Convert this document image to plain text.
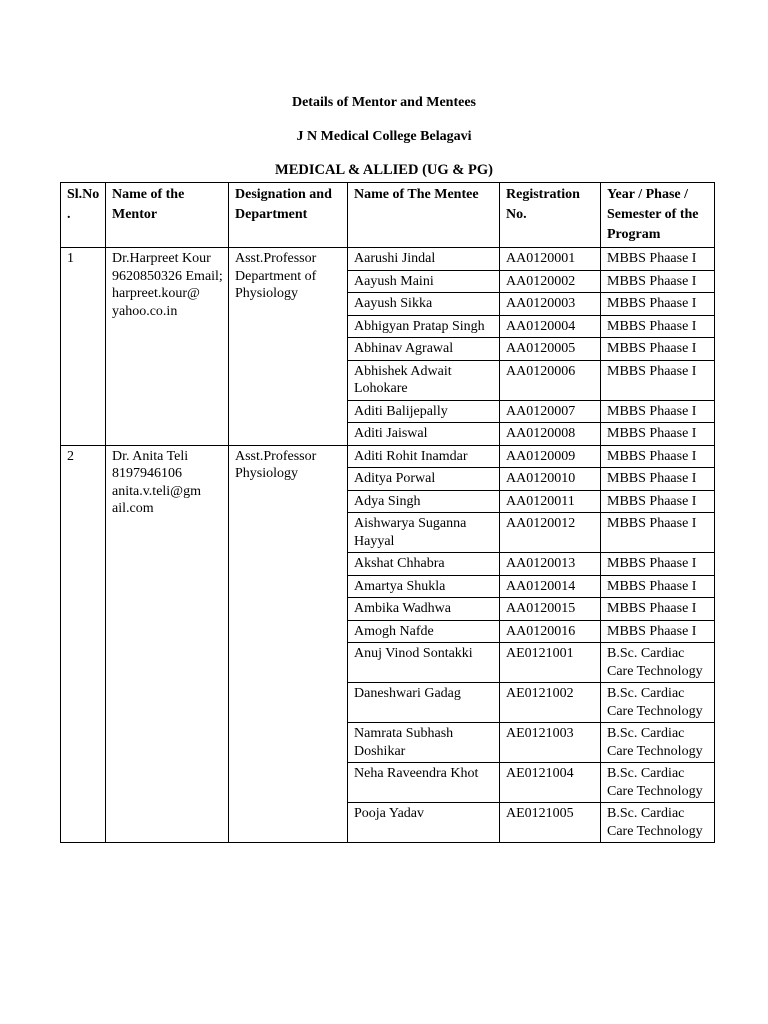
Details of Mentor and Mentees
J N Medical College Belagavi
MEDICAL & ALLIED (UG & PG)
Sl.No.	Name of the Mentor	Designation and Department	Name of The Mentee	Registration No.	Year / Phase / Semester of the Program
1	Dr.Harpreet Kour 9620850326 Email; harpreet.kour@ yahoo.co.in	Asst.Professor Department of Physiology	Aarushi Jindal	AA0120001	MBBS Phaase I
			Aayush Maini	AA0120002	MBBS Phaase I
			Aayush Sikka	AA0120003	MBBS Phaase I
			Abhigyan Pratap Singh	AA0120004	MBBS Phaase I
			Abhinav Agrawal	AA0120005	MBBS Phaase I
			Abhishek Adwait Lohokare	AA0120006	MBBS Phaase I
			Aditi Balijepally	AA0120007	MBBS Phaase I
			Aditi Jaiswal	AA0120008	MBBS Phaase I
2	Dr. Anita Teli 8197946106 anita.v.teli@gm ail.com	Asst.Professor Physiology	Aditi Rohit Inamdar	AA0120009	MBBS Phaase I
			Aditya Porwal	AA0120010	MBBS Phaase I
			Adya Singh	AA0120011	MBBS Phaase I
			Aishwarya Suganna Hayyal	AA0120012	MBBS Phaase I
			Akshat Chhabra	AA0120013	MBBS Phaase I
			Amartya Shukla	AA0120014	MBBS Phaase I
			Ambika Wadhwa	AA0120015	MBBS Phaase I
			Amogh Nafde	AA0120016	MBBS Phaase I
			Anuj Vinod Sontakki	AE0121001	B.Sc. Cardiac Care Technology
			Daneshwari Gadag	AE0121002	B.Sc. Cardiac Care Technology
			Namrata Subhash Doshikar	AE0121003	B.Sc. Cardiac Care Technology
			Neha Raveendra Khot	AE0121004	B.Sc. Cardiac Care Technology
			Pooja Yadav	AE0121005	B.Sc. Cardiac Care Technology
